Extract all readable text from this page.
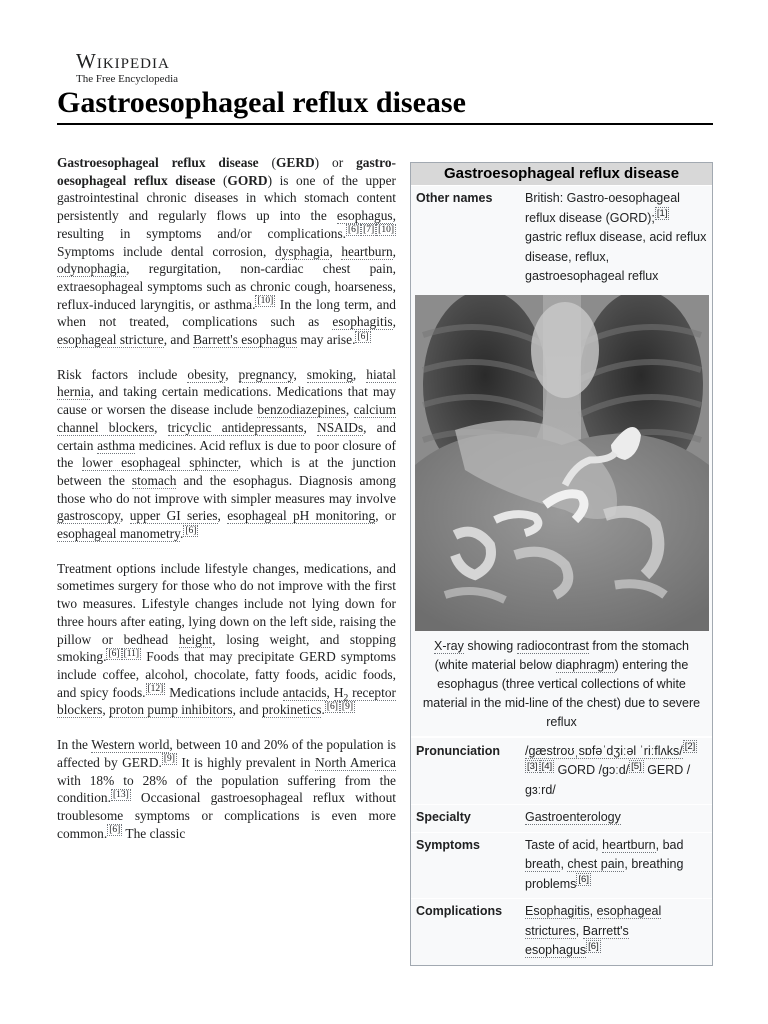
Wikipedia
The Free Encyclopedia
Gastroesophageal reflux disease

Gastroesophageal reflux disease (GERD) or gastro-oesophageal reflux disease (GORD) is one of the upper gastrointestinal chronic diseases in which stomach content persistently and regularly flows up into the esophagus, resulting in symptoms and/or complications. [6] [7] [10] Symptoms include dental corrosion, dysphagia, heartburn, odynophagia, regurgitation, non-cardiac chest pain, extraesophageal symptoms such as chronic cough, hoarseness, reflux-induced laryngitis, or asthma. [10] In the long term, and when not treated, complications such as esophagitis, esophageal stricture, and Barrett's esophagus may arise. [6]

Risk factors include obesity, pregnancy, smoking, hiatal hernia, and taking certain medications. Medications that may cause or worsen the disease include benzodiazepines, calcium channel blockers, tricyclic antidepressants, NSAIDs, and certain asthma medicines. Acid reflux is due to poor closure of the lower esophageal sphincter, which is at the junction between the stomach and the esophagus. Diagnosis among those who do not improve with simpler measures may involve gastroscopy, upper GI series, esophageal pH monitoring, or esophageal manometry. [6]

Treatment options include lifestyle changes, medications, and sometimes surgery for those who do not improve with the first two measures. Lifestyle changes include not lying down for three hours after eating, lying down on the left side, raising the pillow or bedhead height, losing weight, and stopping smoking. [6] [11] Foods that may precipitate GERD symptoms include coffee, alcohol, chocolate, fatty foods, acidic foods, and spicy foods. [12] Medications include antacids, $H_2$ receptor blockers, proton pump inhibitors, and prokinetics. [6] [9]

In the Western world, between 10 and 20% of the population is affected by GERD. [9] It is highly prevalent in North America with 18% to 28% of the population suffering from the condition. [13] Occasional gastroesophageal reflux without troublesome symptoms or complications is even more common. [6] The classic

Gastroesophageal reflux disease
Other names	British: Gastro-oesophageal reflux disease (GORD); [1] gastric reflux disease, acid reflux disease, reflux, gastroesophageal reflux
X-ray showing radiocontrast from the stomach (white material below diaphragm) entering the esophagus (three vertical collections of white material in the mid-line of the chest) due to severe reflux
Pronunciation	/ɡæstroʊˌsɒfəˈdʒiːəl ˈriːflʌks/ [2][3] [4] GORD /ɡɔːd/ [5] GERD /ɡɜːrd/
Specialty	Gastroenterology
Symptoms	Taste of acid, heartburn, bad breath, chest pain, breathing problems [6]
Complications	Esophagitis, esophageal strictures, Barrett's esophagus [6]
